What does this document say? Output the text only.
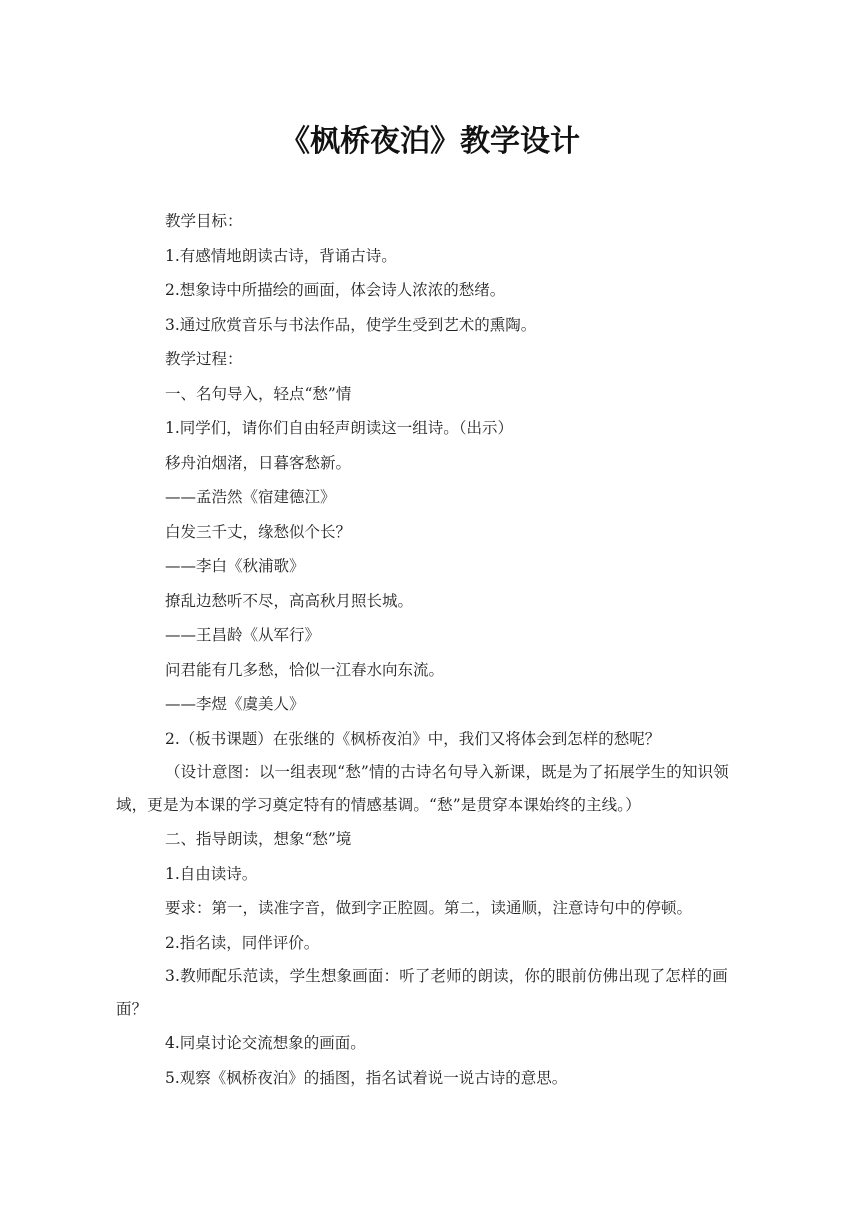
《枫桥夜泊》教学设计

教学目标：

1.有感情地朗读古诗，背诵古诗。

2.想象诗中所描绘的画面，体会诗人浓浓的愁绪。

3.通过欣赏音乐与书法作品，使学生受到艺术的熏陶。

教学过程：

一、名句导入，轻点“愁”情

1.同学们，请你们自由轻声朗读这一组诗。（出示）

移舟泊烟渚，日暮客愁新。

——孟浩然《宿建德江》

白发三千丈，缘愁似个长？

——李白《秋浦歌》

撩乱边愁听不尽，高高秋月照长城。

——王昌龄《从军行》

问君能有几多愁，恰似一江春水向东流。

——李煜《虞美人》

2.（板书课题）在张继的《枫桥夜泊》中，我们又将体会到怎样的愁呢？

（设计意图：以一组表现“愁”情的古诗名句导入新课，既是为了拓展学生的知识领域，更是为本课的学习奠定特有的情感基调。“愁”是贯穿本课始终的主线。）

二、指导朗读，想象“愁”境

1.自由读诗。

要求：第一，读准字音，做到字正腔圆。第二，读通顺，注意诗句中的停顿。

2.指名读，同伴评价。

3.教师配乐范读，学生想象画面：听了老师的朗读，你的眼前仿佛出现了怎样的画面？

4.同桌讨论交流想象的画面。

5.观察《枫桥夜泊》的插图，指名试着说一说古诗的意思。
